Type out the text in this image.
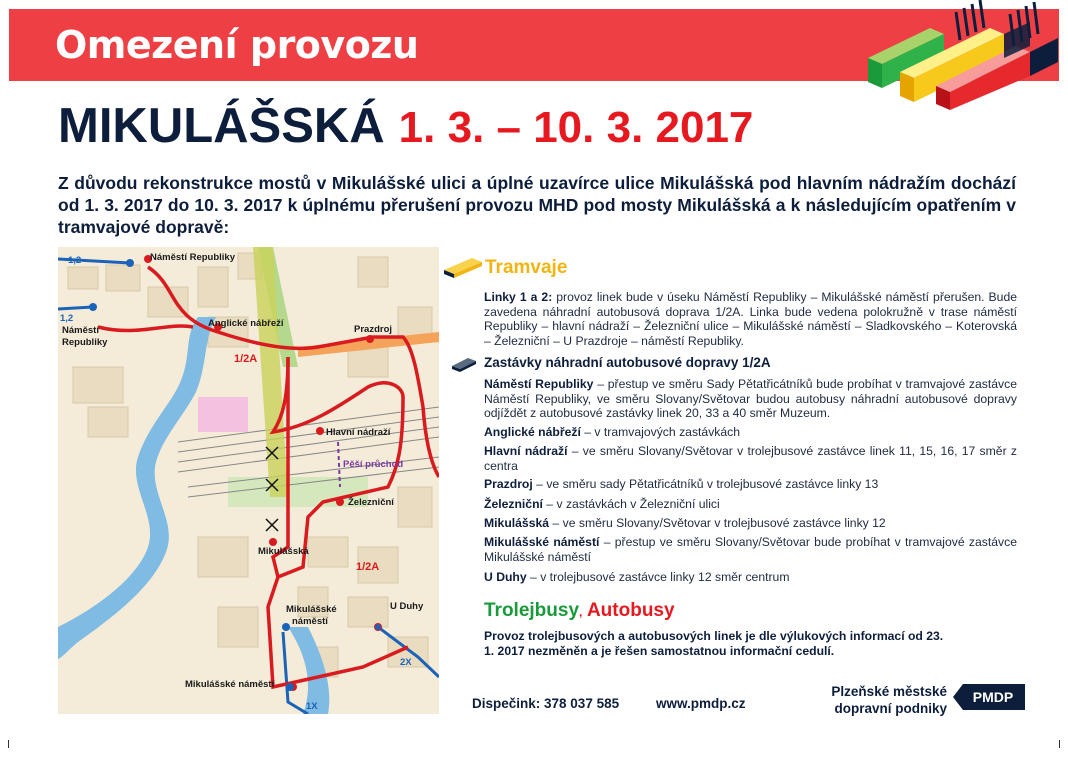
Omezení provozu
MIKULÁŠSKÁ 1. 3. – 10. 3. 2017
Z důvodu rekonstrukce mostů v Mikulášské ulici a úplné uzavírce ulice Mikulášská pod hlavním nádražím dochází od 1. 3. 2017 do 10. 3. 2017 k úplnému přerušení provozu MHD pod mosty Mikulášská a k následujícím opatřením v tramvajové dopravě:
1,2
1,2
Náměstí Republiky
Náměstí
Republiky
Anglické nábřeží
Prazdroj
1/2A
Hlavní nádraží
Pěší průchod
Železniční
Mikulášská
1/2A
U Duhy
Mikulášské
náměstí
2X
Mikulášské náměstí
1X
Tramvaje
Linky 1 a 2: provoz linek bude v úseku Náměstí Republiky – Mikulášské náměstí přerušen. Bude zavedena náhradní autobusová doprava 1/2A. Linka bude vedena polokružně v trase náměstí Republiky – hlavní nádraží – Železniční ulice – Mikulášské náměstí – Sladkovského – Koterovská – Železniční – U Prazdroje – náměstí Republiky.
Zastávky náhradní autobusové dopravy 1/2A
Náměstí Republiky – přestup ve směru Sady Pětatřicátníků bude probíhat v tramvajové zastávce Náměstí Republiky, ve směru Slovany/Světovar budou autobusy náhradní autobusové dopravy odjíždět z autobusové zastávky linek 20, 33 a 40 směr Muzeum.
Anglické nábřeží – v tramvajových zastávkách
Hlavní nádraží – ve směru Slovany/Světovar v trolejbusové zastávce linek 11, 15, 16, 17 směr z centra
Prazdroj – ve směru sady Pětatřicátníků v trolejbusové zastávce linky 13
Železniční – v zastávkách v Železniční ulici
Mikulášská – ve směru Slovany/Světovar v trolejbusové zastávce linky 12
Mikulášské náměstí – přestup ve směru Slovany/Světovar bude probíhat v tramvajové zastávce Mikulášské náměstí
U Duhy – v trolejbusové zastávce linky 12 směr centrum
Trolejbusy, Autobusy
Provoz trolejbusových a autobusových linek je dle výlukových informací od 23. 1. 2017 nezměněn a je řešen samostatnou informační cedulí.
Dispečink: 378 037 585	www.pmdp.cz
Plzeňské městské
dopravní podniky
PMDP
